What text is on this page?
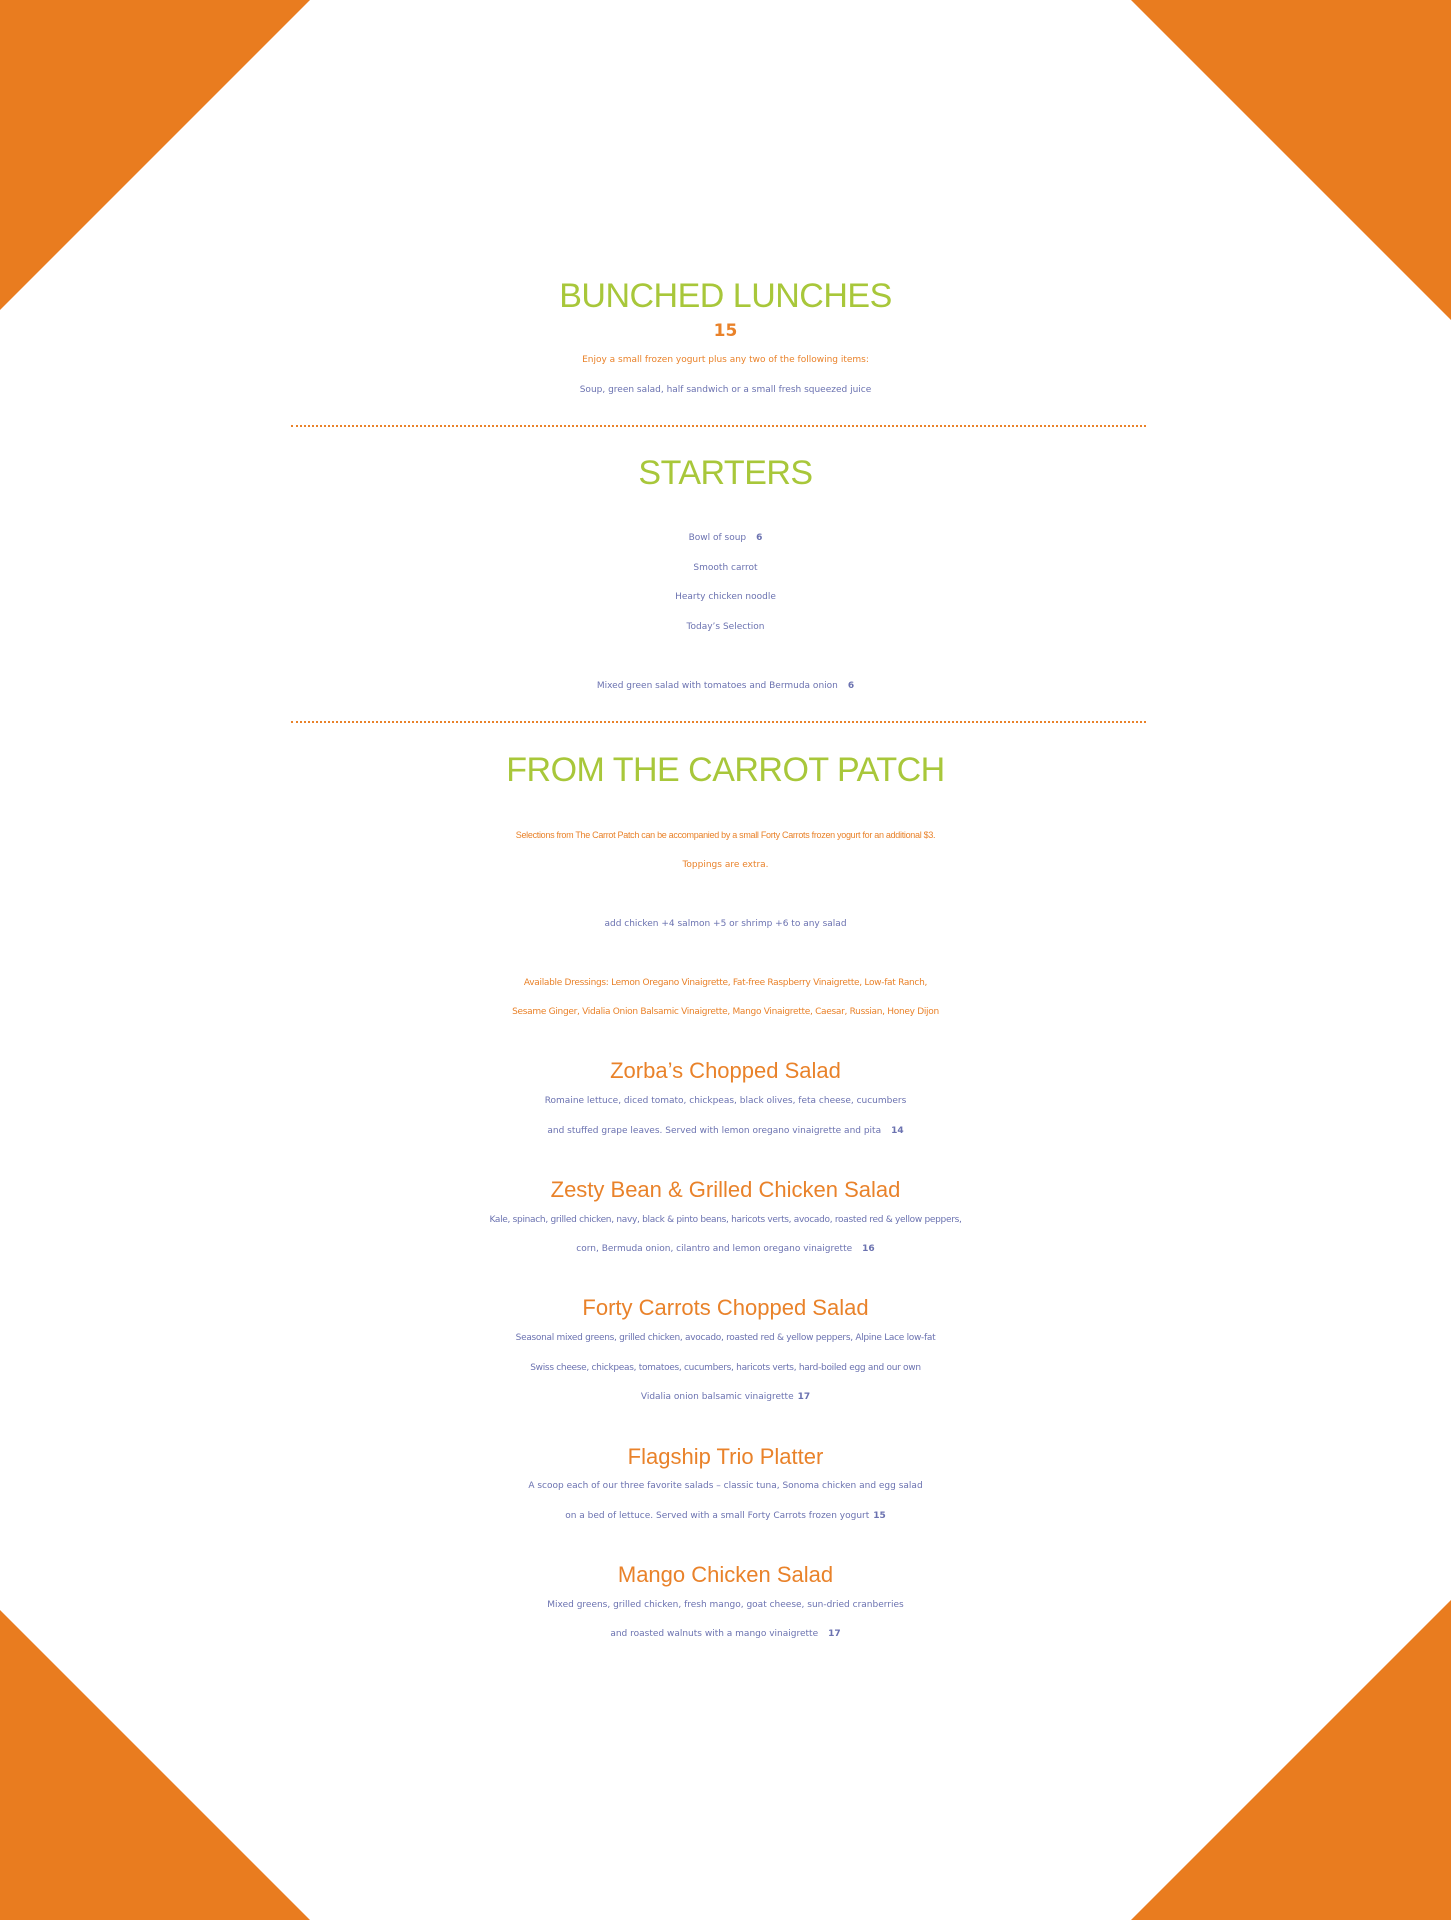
BUNCHED LUNCHES
15
Enjoy a small frozen yogurt plus any two of the following items:
Soup, green salad, half sandwich or a small fresh squeezed juice
STARTERS
Bowl of soup 6
Smooth carrot
Hearty chicken noodle
Today’s Selection
Mixed green salad with tomatoes and Bermuda onion 6
FROM THE CARROT PATCH
Selections from The Carrot Patch can be accompanied by a small Forty Carrots frozen yogurt for an additional $3.
Toppings are extra.
add chicken +4 salmon +5 or shrimp +6 to any salad
Available Dressings: Lemon Oregano Vinaigrette, Fat-free Raspberry Vinaigrette, Low-fat Ranch,
Sesame Ginger, Vidalia Onion Balsamic Vinaigrette, Mango Vinaigrette, Caesar, Russian, Honey Dijon
Zorba’s Chopped Salad
Romaine lettuce, diced tomato, chickpeas, black olives, feta cheese, cucumbers
and stuffed grape leaves. Served with lemon oregano vinaigrette and pita 14
Zesty Bean & Grilled Chicken Salad
Kale, spinach, grilled chicken, navy, black & pinto beans, haricots verts, avocado, roasted red & yellow peppers,
corn, Bermuda onion, cilantro and lemon oregano vinaigrette 16
Forty Carrots Chopped Salad
Seasonal mixed greens, grilled chicken, avocado, roasted red & yellow peppers, Alpine Lace low-fat
Swiss cheese, chickpeas, tomatoes, cucumbers, haricots verts, hard-boiled egg and our own
Vidalia onion balsamic vinaigrette 17
Flagship Trio Platter
A scoop each of our three favorite salads – classic tuna, Sonoma chicken and egg salad
on a bed of lettuce. Served with a small Forty Carrots frozen yogurt 15
Mango Chicken Salad
Mixed greens, grilled chicken, fresh mango, goat cheese, sun-dried cranberries
and roasted walnuts with a mango vinaigrette 17
